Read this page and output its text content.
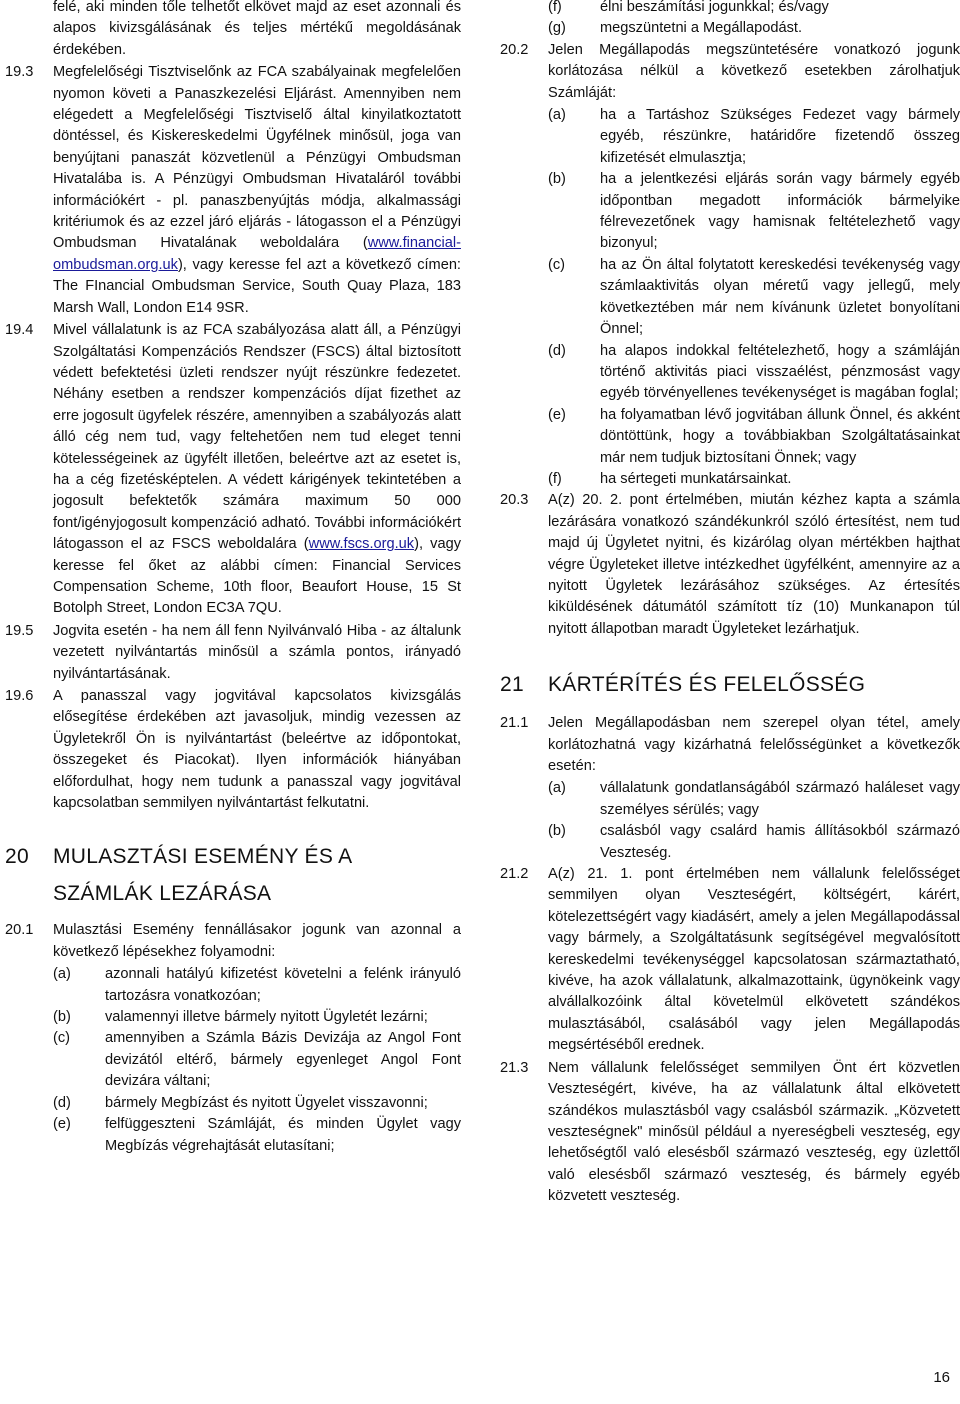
felé, aki minden tőle telhetőt elkövet majd az eset azonnali és alapos kivizsgálásának és teljes mértékű megoldásának érdekében.

19.3 Megfelelőségi Tisztviselőnk az FCA szabályainak megfelelően nyomon követi a Panaszkezelési Eljárást. Amennyiben nem elégedett a Megfelelőségi Tisztviselő által kinyilatkoztatott döntéssel, és Kiskereskedelmi Ügyfélnek minősül, joga van benyújtani panaszát közvetlenül a Pénzügyi Ombudsman Hivatalába is. A Pénzügyi Ombudsman Hivataláról további információkért - pl. panaszbenyújtás módja, alkalmassági kritériumok és az ezzel járó eljárás - látogasson el a Pénzügyi Ombudsman Hivatalának weboldalára (www.financial-ombudsman.org.uk), vagy keresse fel azt a következő címen: The FInancial Ombudsman Service, South Quay Plaza, 183 Marsh Wall, London E14 9SR.
19.4 Mivel vállalatunk is az FCA szabályozása alatt áll, a Pénzügyi Szolgáltatási Kompenzációs Rendszer (FSCS) által biztosított védett befektetési üzleti rendszer nyújt részünkre fedezetet. Néhány esetben a rendszer kompenzációs díjat fizethet az erre jogosult ügyfelek részére, amennyiben a szabályozás alatt álló cég nem tud, vagy feltehetően nem tud eleget tenni kötelességeinek az ügyfélt illetően, beleértve azt az esetet is, ha a cég fizetésképtelen. A védett kárigények tekintetében a jogosult befektetők számára maximum 50 000 font/igényjogosult kompenzáció adható. További információkért látogasson el az FSCS weboldalára (www.fscs.org.uk), vagy keresse fel őket az alábbi címen: Financial Services Compensation Scheme, 10th floor, Beaufort House, 15 St Botolph Street, London EC3A 7QU.
19.5 Jogvita esetén - ha nem áll fenn Nyilvánvaló Hiba - az általunk vezetett nyilvántartás minősül a számla pontos, irányadó nyilvántartásának.
19.6 A panasszal vagy jogvitával kapcsolatos kivizsgálás elősegítése érdekében azt javasoljuk, mindig vezessen az Ügyletekről Ön is nyilvántartást (beleértve az időpontokat, összegeket és Piacokat). Ilyen információk hiányában előfordulhat, hogy nem tudunk a panasszal vagy jogvitával kapcsolatban semmilyen nyilvántartást felkutatni.
20 MULASZTÁSI ESEMÉNY ÉS A
SZÁMLÁK LEZÁRÁSA
20.1 Mulasztási Esemény fennállásakor jogunk van azonnal a következő lépésekhez folyamodni:
(a) azonnali hatályú kifizetést követelni a felénk irányuló tartozásra vonatkozóan;
(b) valamennyi illetve bármely nyitott Ügyletét lezárni;
(c) amennyiben a Számla Bázis Devizája az Angol Font devizától eltérő, bármely egyenleget Angol Font devizára váltani;
(d) bármely Megbízást és nyitott Ügyelet visszavonni;
(e) felfüggeszteni Számláját, és minden Ügylet vagy Megbízás végrehajtását elutasítani;
(f)	élni beszámítási jogunkkal; és/vagy
(g) megszüntetni a Megállapodást.
20.2 Jelen Megállapodás megszüntetésére vonatkozó jogunk korlátozása nélkül a következő esetekben zárolhatjuk Számláját:
(a) ha a Tartáshoz Szükséges Fedezet vagy bármely egyéb, részünkre, határidőre fizetendő összeg kifizetését elmulasztja;
(b) ha a jelentkezési eljárás során vagy bármely egyéb időpontban megadott információk bármelyike félrevezetőnek vagy hamisnak feltételezhető vagy bizonyul;
(c) ha az Ön által folytatott kereskedési tevékenység vagy számlaaktivitás olyan méretű vagy jellegű, mely következtében már nem kívánunk üzletet bonyolítani Önnel;
(d) ha alapos indokkal feltételezhető, hogy a számláján történő aktivitás piaci visszaélést, pénzmosást vagy egyéb törvényellenes tevékenységet is magában foglal;
(e) ha folyamatban lévő jogvitában állunk Önnel, és akként döntöttünk, hogy a továbbiakban Szolgáltatásainkat már nem tudjuk biztosítani Önnek; vagy
(f)	ha sértegeti munkatársainkat.
20.3 A(z) 20. 2. pont értelmében, miután kézhez kapta a számla lezárására vonatkozó szándékunkról szóló értesítést, nem tud majd új Ügyletet nyitni, és kizárólag olyan mértékben hajthat végre Ügyleteket illetve intézkedhet ügyfélként, amennyire az a nyitott Ügyletek lezárásához szükséges. Az értesítés kiküldésének dátumától számított tíz (10) Munkanapon túl nyitott állapotban maradt Ügyleteket lezárhatjuk.
21 KÁRTÉRÍTÉS ÉS FELELŐSSÉG
21.1 Jelen Megállapodásban nem szerepel olyan tétel, amely korlátozhatná vagy kizárhatná felelősségünket a következők esetén:
(a) vállalatunk gondatlanságából származó haláleset vagy személyes sérülés; vagy
(b) csalásból vagy csalárd hamis állításokból származó Veszteség.
21.2 A(z) 21. 1. pont értelmében nem vállalunk felelősséget semmilyen olyan Veszteségért, költségért, kárért, kötelezettségért vagy kiadásért, amely a jelen Megállapodással vagy bármely, a Szolgáltatásunk segítségével megvalósított kereskedelmi tevékenységgel kapcsolatosan származtatható, kivéve, ha azok vállalatunk, alkalmazottaink, ügynökeink vagy alvállalkozóink által követelmül elkövetett szándékos mulasztásából, csalásából vagy jelen Megállapodás megsértéséből erednek.
21.3 Nem vállalunk felelősséget semmilyen Önt ért közvetlen Veszteségért, kivéve, ha az vállalatunk által elkövetett szándékos mulasztásból vagy csalásból származik. „Közvetett veszteségnek" minősül például a nyereségbeli veszteség, egy lehetőségtől való elesésből származó veszteség, egy üzlettől való elesésből származó veszteség, és bármely egyéb közvetett veszteség.
16
